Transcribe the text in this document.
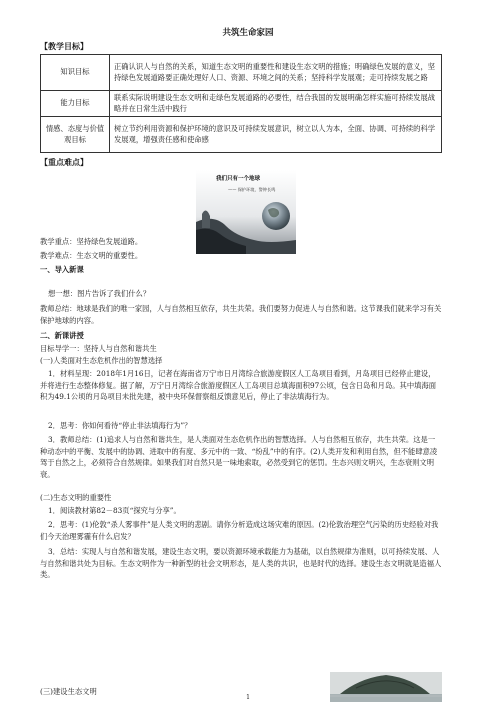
共筑生命家园
【教学目标】
知识目标	正确认识人与自然的关系，知道生态文明的重要性和建设生态文明的措施；明确绿色发展的意义，坚持绿色发展道路要正确处理好人口、资源、环境之间的关系；坚持科学发展观；走可持续发展之路
能力目标	联系实际说明建设生态文明和走绿色发展道路的必要性，结合我国的发展明确怎样实施可持续发展战略并在日常生活中践行
情感、态度与价值观目标	树立节约利用资源和保护环境的意识及可持续发展意识，树立以人为本，全面、协调、可持续的科学发展观，增强责任感和使命感
【重点难点】
我们只有一个地球
—— 保护环境，警钟长鸣
教学重点：坚持绿色发展道路。
教学难点：生态文明的重要性。
一、导入新课
想一想：图片告诉了我们什么？
教师总结：地球是我们的唯一家园，人与自然相互依存，共生共荣。我们要努力促进人与自然和谐。这节课我们就来学习有关保护地球的内容。
二、新课讲授
目标导学一：坚持人与自然和谐共生
(一)人类面对生态危机作出的智慧选择
1．材料呈现：2018年1月16日，记者在海南省万宁市日月湾综合旅游度假区人工岛项目看到，月岛项目已经停止建设，并将进行生态整体修复。据了解，万宁日月湾综合旅游度假区人工岛项目总填海面积97公顷，包含日岛和月岛。其中填海面积为49.1公顷的月岛项目未批先建，被中央环保督察组反馈意见后，停止了非法填海行为。
2．思考：你如何看待“停止非法填海行为”？
3．教师总结：(1)追求人与自然和谐共生，是人类面对生态危机作出的智慧选择。人与自然相互依存，共生共荣。这是一种动态中的平衡、发展中的协调、进取中的有度、多元中的一致、“纷乱”中的有序。(2)人类开发和利用自然，但不能肆意凌驾于自然之上，必须符合自然规律。如果我们对自然只是一味地索取，必然受到它的惩罚。生态兴则文明兴，生态衰则文明衰。
(二)生态文明的重要性
1．阅读教材第82－83页“探究与分享”。
2．思考：(1)伦敦“杀人雾事件”是人类文明的悲剧。请你分析造成这场灾难的原因。(2)伦敦治理空气污染的历史经验对我们今天治理雾霾有什么启发？
3．总结：实现人与自然和谐发展，建设生态文明，要以资源环境承载能力为基础，以自然规律为准则，以可持续发展、人与自然和谐共处为目标。生态文明作为一种新型的社会文明形态，是人类的共识，也是时代的选择。建设生态文明就是造福人类。
(三)建设生态文明
1
